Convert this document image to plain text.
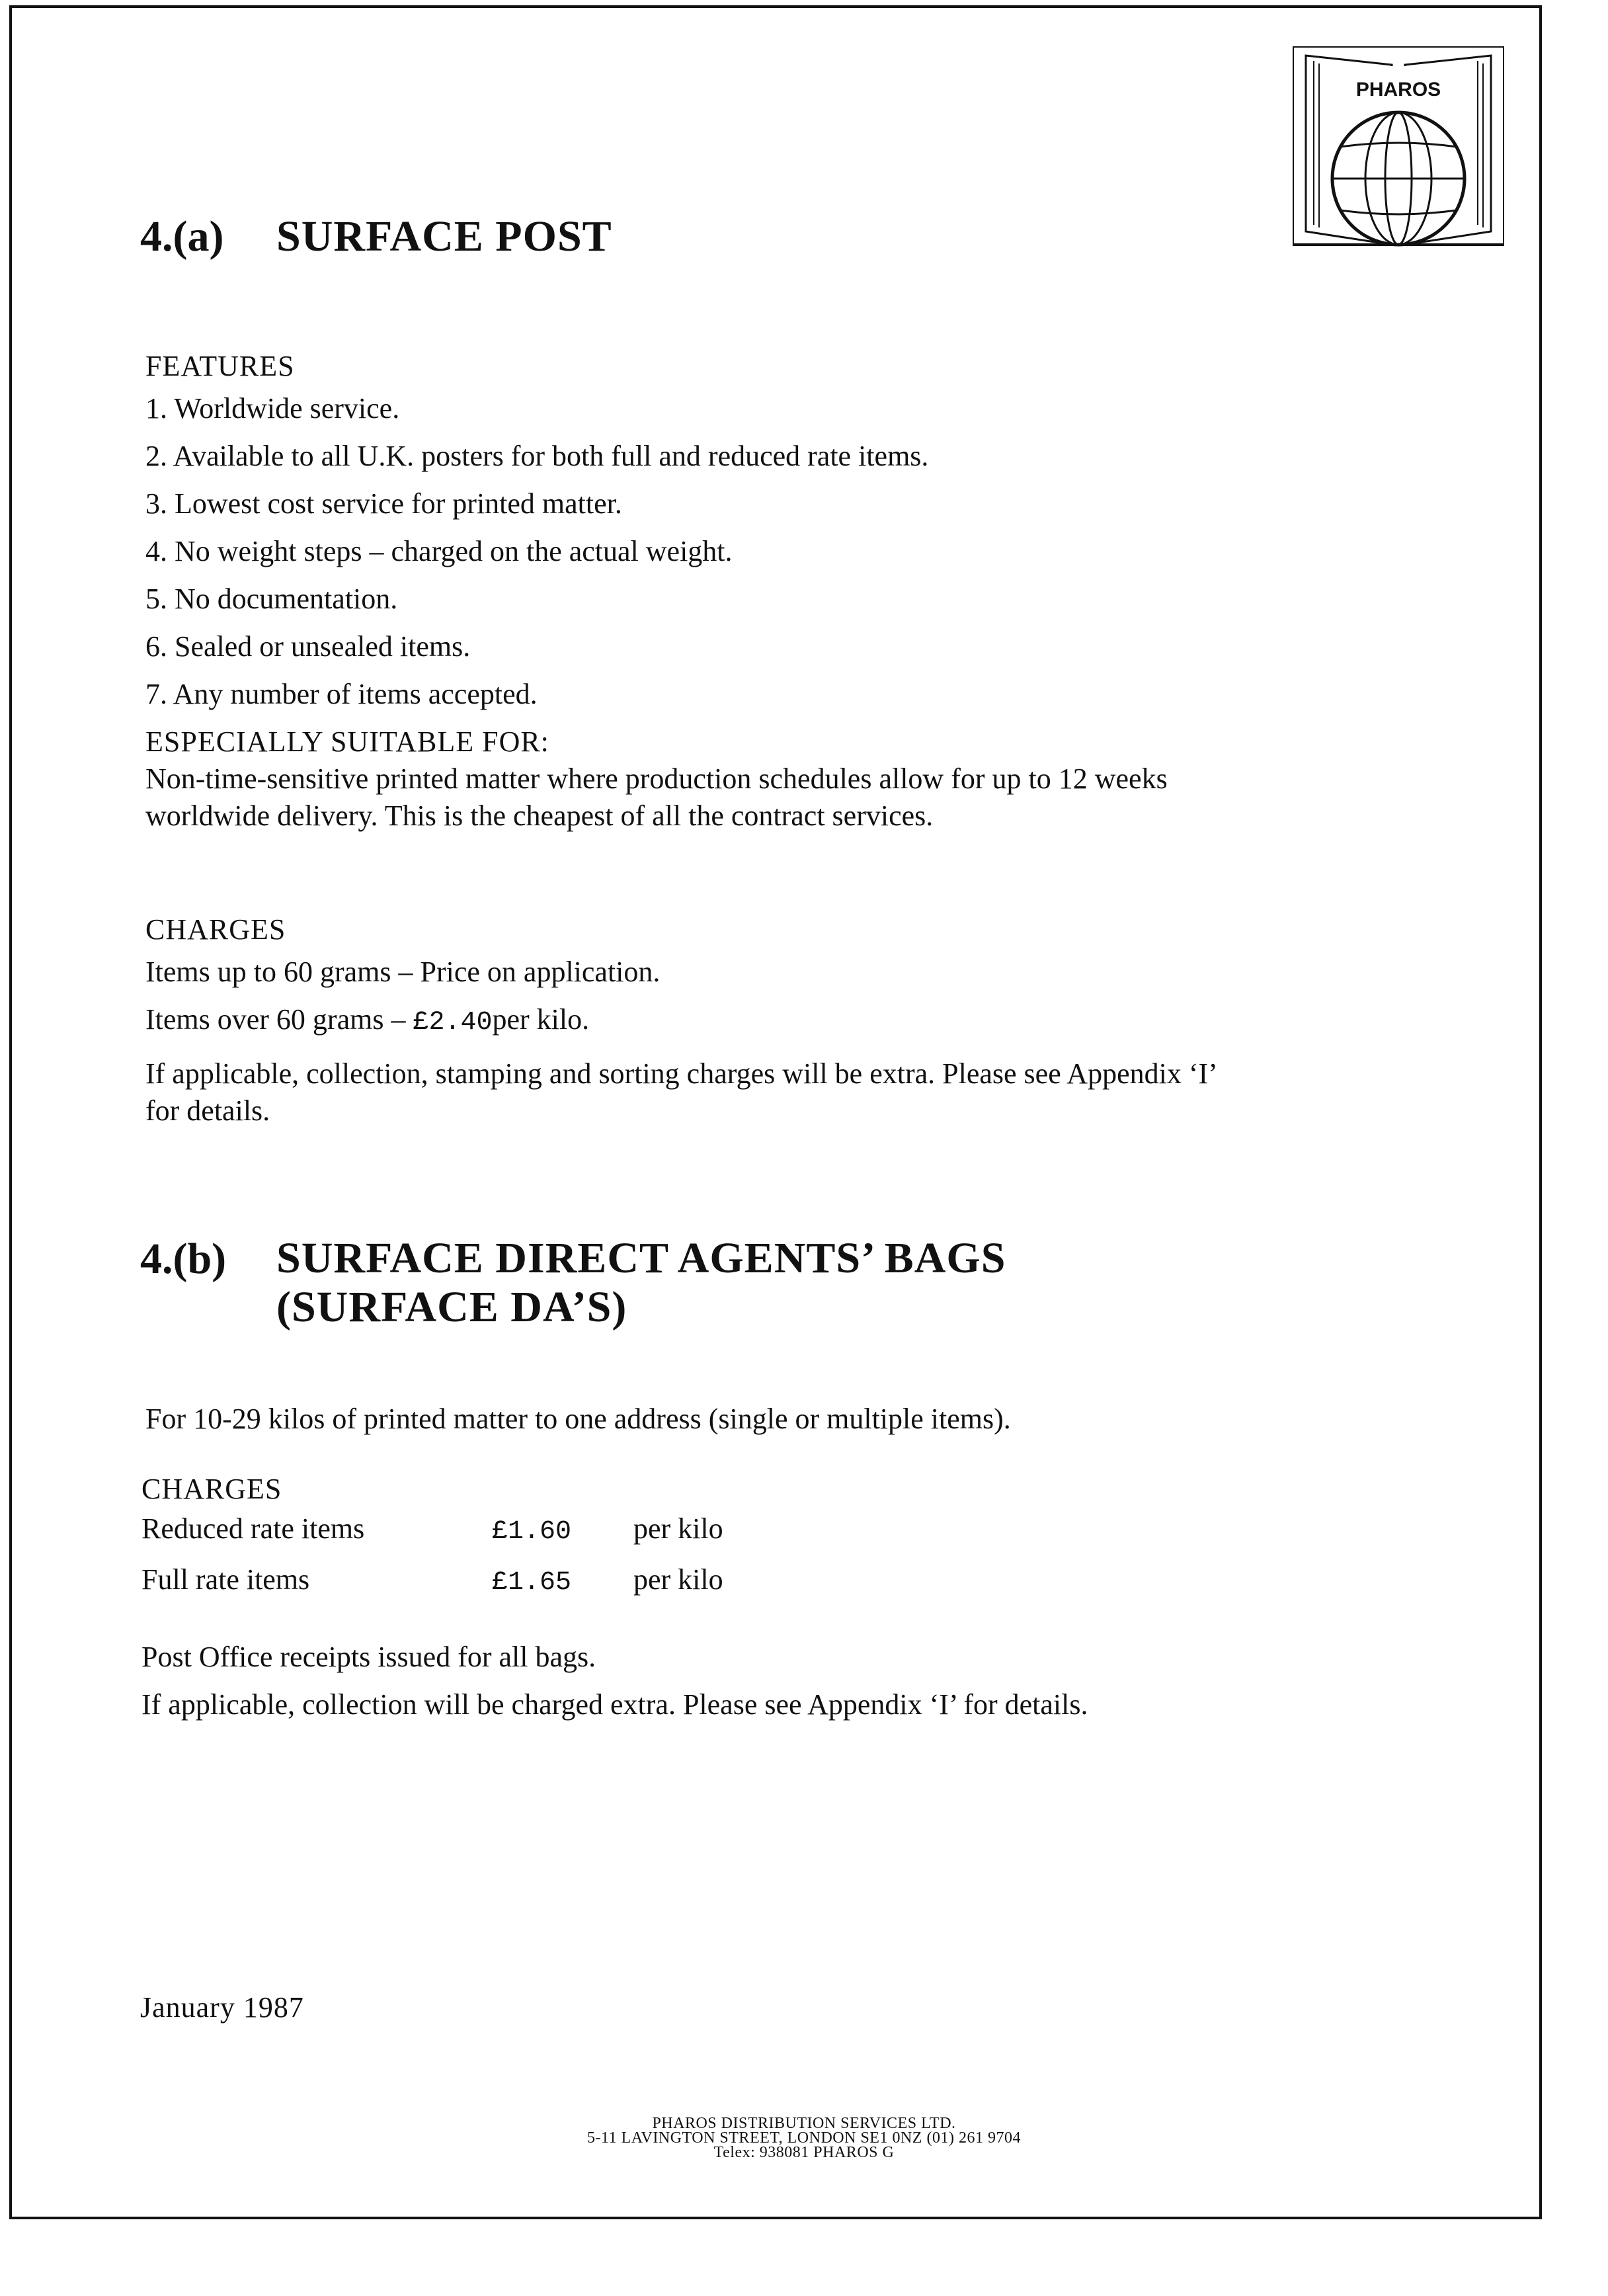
PHAROS
4.(a) SURFACE POST
FEATURES
1. Worldwide service.
2. Available to all U.K. posters for both full and reduced rate items.
3. Lowest cost service for printed matter.
4. No weight steps – charged on the actual weight.
5. No documentation.
6. Sealed or unsealed items.
7. Any number of items accepted.
ESPECIALLY SUITABLE FOR:
Non-time-sensitive printed matter where production schedules allow for up to 12 weeks
worldwide delivery. This is the cheapest of all the contract services.
CHARGES
Items up to 60 grams – Price on application.
Items over 60 grams – £2.40per kilo.
If applicable, collection, stamping and sorting charges will be extra. Please see Appendix ‘I’
for details.
4.(b) SURFACE DIRECT AGENTS’ BAGS
(SURFACE DA’S)
For 10-29 kilos of printed matter to one address (single or multiple items).
CHARGES
Reduced rate items	£1.60 per kilo
Full rate items	£1.65 per kilo
Post Office receipts issued for all bags.
If applicable, collection will be charged extra. Please see Appendix ‘I’ for details.
January 1987
PHAROS DISTRIBUTION SERVICES LTD.
5-11 LAVINGTON STREET, LONDON SE1 0NZ (01) 261 9704
Telex: 938081 PHAROS G
